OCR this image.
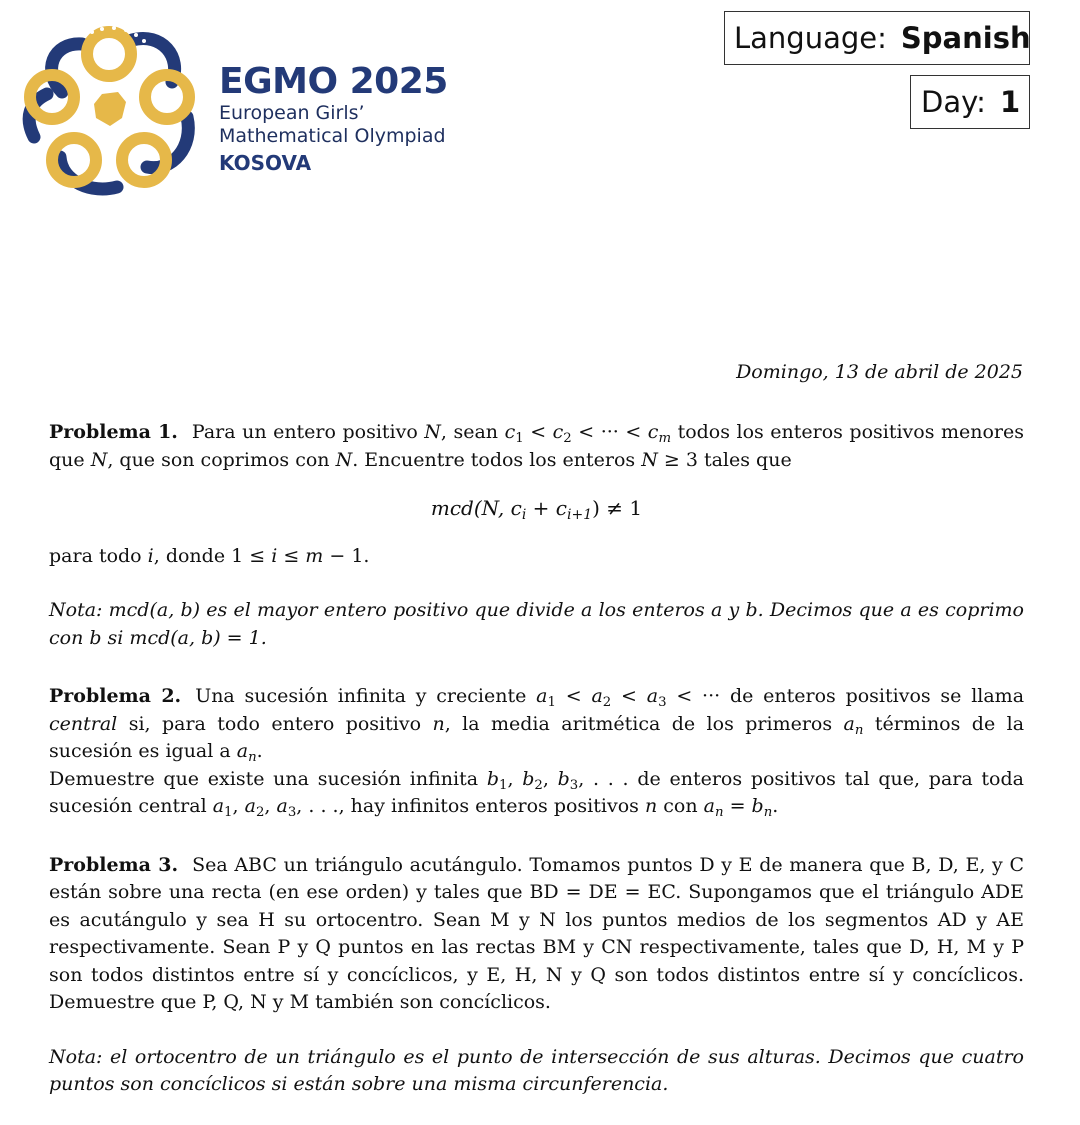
EGMO 2025
European Girls’
Mathematical Olympiad
KOSOVA
Language: Spanish
Day: 1
Domingo, 13 de abril de 2025

Problema 1. Para un entero positivo N, sean $c_1 < c_2$ < ··· < $c_m$ todos los enteros positivos menores que N, que son coprimos con N. Encuentre todos los enteros N ≥ 3 tales que

mcd(N, $c_i + c_{i+1}) \ne 1$

para todo i, donde 1 ≤ i ≤ m − 1.

Nota: mcd(a, b) es el mayor entero positivo que divide a los enteros a y b. Decimos que a es coprimo con b si mcd(a, b) = 1.

Problema 2. Una sucesión infinita y creciente $a_1 < a_2 < a_3$ < ··· de enteros positivos se llama central si, para todo entero positivo n, la media aritmética de los primeros $a_n$ términos de la sucesión es igual a $a_n$.

Demuestre que existe una sucesión infinita $b_1$, $b_2$, $b_3$, . . . de enteros positivos tal que, para toda sucesión central $a_1$, $a_2$, $a_3$, . . ., hay infinitos enteros positivos n con $a_n = b_n$.

Problema 3. Sea ABC un triángulo acutángulo. Tomamos puntos D y E de manera que B, D, E, y C están sobre una recta (en ese orden) y tales que BD = DE = EC. Supongamos que el triángulo ADE es acutángulo y sea H su ortocentro. Sean M y N los puntos medios de los segmentos AD y AE respectivamente. Sean P y Q puntos en las rectas BM y CN respectivamente, tales que D, H, M y P son todos distintos entre sí y concíclicos, y E, H, N y Q son todos distintos entre sí y concíclicos. Demuestre que P, Q, N y M también son concíclicos.

Nota: el ortocentro de un triángulo es el punto de intersección de sus alturas. Decimos que cuatro puntos son concíclicos si están sobre una misma circunferencia.
